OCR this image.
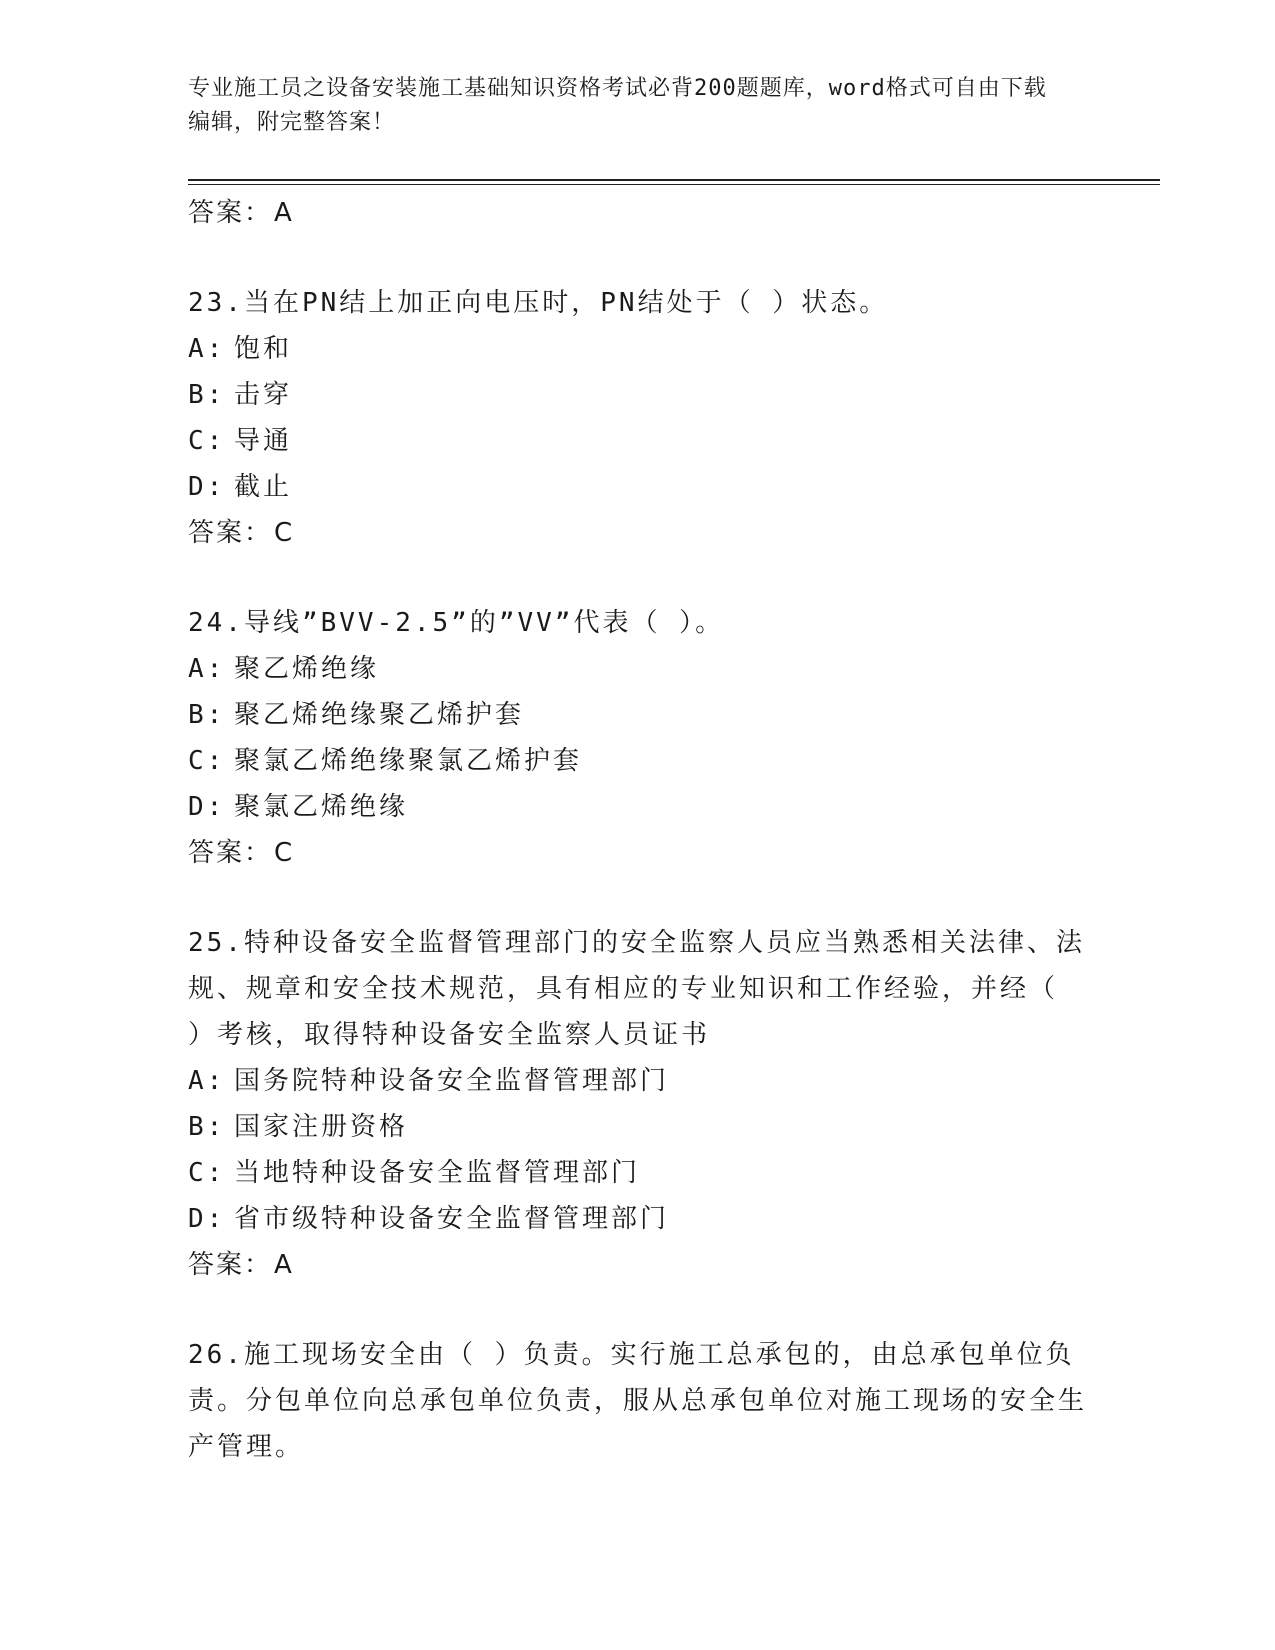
专业施工员之设备安装施工基础知识资格考试必背200题题库，word格式可自由下载编辑，附完整答案！
答案：A

23.当在PN结上加正向电压时，PN结处于（ ）状态。

A: 饱和
B: 击穿
C: 导通
D: 截止
答案：C

24.导线”BVV-2.5”的”VV”代表（ ）。

A: 聚乙烯绝缘
B: 聚乙烯绝缘聚乙烯护套
C: 聚氯乙烯绝缘聚氯乙烯护套
D: 聚氯乙烯绝缘
答案：C

25.特种设备安全监督管理部门的安全监察人员应当熟悉相关法律、法规、规章和安全技术规范，具有相应的专业知识和工作经验，并经（ ）考核，取得特种设备安全监察人员证书

A: 国务院特种设备安全监督管理部门
B: 国家注册资格
C: 当地特种设备安全监督管理部门
D: 省市级特种设备安全监督管理部门
答案：A

26.施工现场安全由（ ）负责。实行施工总承包的，由总承包单位负责。分包单位向总承包单位负责，服从总承包单位对施工现场的安全生产管理。
